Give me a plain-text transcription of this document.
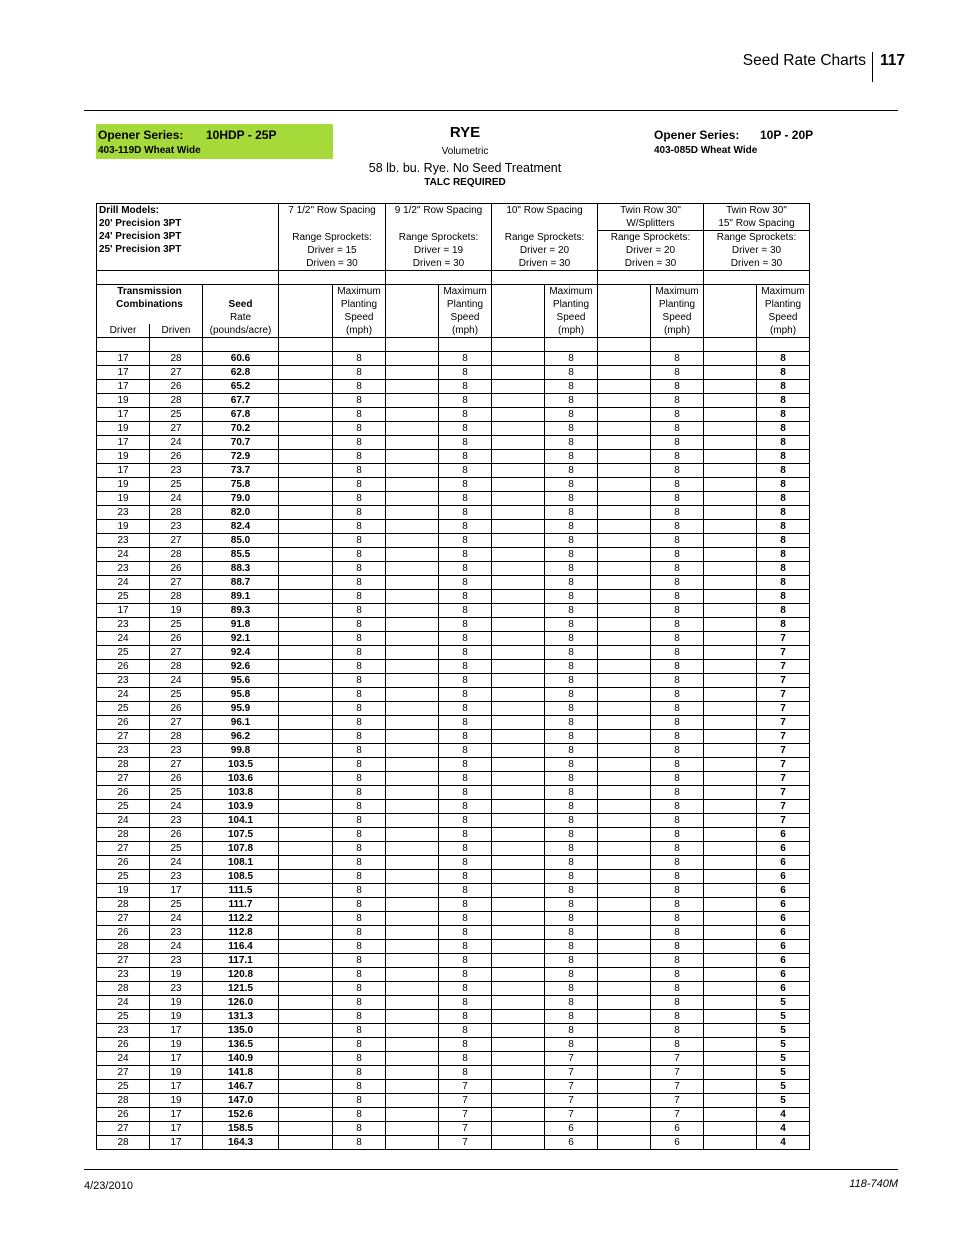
Seed Rate Charts 117
Opener Series: 10HDP - 25P
403-119D Wheat Wide
RYE
Volumetric
58 lb. bu. Rye. No Seed Treatment
TALC REQUIRED
Opener Series: 10P - 20P
403-085D Wheat Wide
Drill Models:
20' Precision 3PT
24' Precision 3PT
25' Precision 3PT			7 1/2" Row Spacing		9 1/2" Row Spacing		10" Row Spacing		Twin Row 30"		Twin Row 30"	
									W/Splitters		15" Row Spacing	
			Range Sprockets:		Range Sprockets:		Range Sprockets:		Range Sprockets:		Range Sprockets:	
			Driver = 15		Driver = 19		Driver = 20		Driver = 20		Driver = 30	
			Driven = 30		Driven = 30		Driven = 30		Driven = 30		Driven = 30	

Transmission				Maximum		Maximum		Maximum		Maximum		Maximum
Combinations		Seed		Planting		Planting		Planting		Planting		Planting
		Rate		Speed		Speed		Speed		Speed		Speed
Driver	Driven	(pounds/acre)		(mph)		(mph)		(mph)		(mph)		(mph)

17	28	60.6		8		8		8		8		8
17	27	62.8		8		8		8		8		8
17	26	65.2		8		8		8		8		8
19	28	67.7		8		8		8		8		8
17	25	67.8		8		8		8		8		8
19	27	70.2		8		8		8		8		8
17	24	70.7		8		8		8		8		8
19	26	72.9		8		8		8		8		8
17	23	73.7		8		8		8		8		8
19	25	75.8		8		8		8		8		8
19	24	79.0		8		8		8		8		8
23	28	82.0		8		8		8		8		8
19	23	82.4		8		8		8		8		8
23	27	85.0		8		8		8		8		8
24	28	85.5		8		8		8		8		8
23	26	88.3		8		8		8		8		8
24	27	88.7		8		8		8		8		8
25	28	89.1		8		8		8		8		8
17	19	89.3		8		8		8		8		8
23	25	91.8		8		8		8		8		8
24	26	92.1		8		8		8		8		7
25	27	92.4		8		8		8		8		7
26	28	92.6		8		8		8		8		7
23	24	95.6		8		8		8		8		7
24	25	95.8		8		8		8		8		7
25	26	95.9		8		8		8		8		7
26	27	96.1		8		8		8		8		7
27	28	96.2		8		8		8		8		7
23	23	99.8		8		8		8		8		7
28	27	103.5		8		8		8		8		7
27	26	103.6		8		8		8		8		7
26	25	103.8		8		8		8		8		7
25	24	103.9		8		8		8		8		7
24	23	104.1		8		8		8		8		7
28	26	107.5		8		8		8		8		6
27	25	107.8		8		8		8		8		6
26	24	108.1		8		8		8		8		6
25	23	108.5		8		8		8		8		6
19	17	111.5		8		8		8		8		6
28	25	111.7		8		8		8		8		6
27	24	112.2		8		8		8		8		6
26	23	112.8		8		8		8		8		6
28	24	116.4		8		8		8		8		6
27	23	117.1		8		8		8		8		6
23	19	120.8		8		8		8		8		6
28	23	121.5		8		8		8		8		6
24	19	126.0		8		8		8		8		5
25	19	131.3		8		8		8		8		5
23	17	135.0		8		8		8		8		5
26	19	136.5		8		8		8		8		5
24	17	140.9		8		8		7		7		5
27	19	141.8		8		8		7		7		5
25	17	146.7		8		7		7		7		5
28	19	147.0		8		7		7		7		5
26	17	152.6		8		7		7		7		4
27	17	158.5		8		7		6		6		4
28	17	164.3		8		7		6		6		4
4/23/2010	118-740M
